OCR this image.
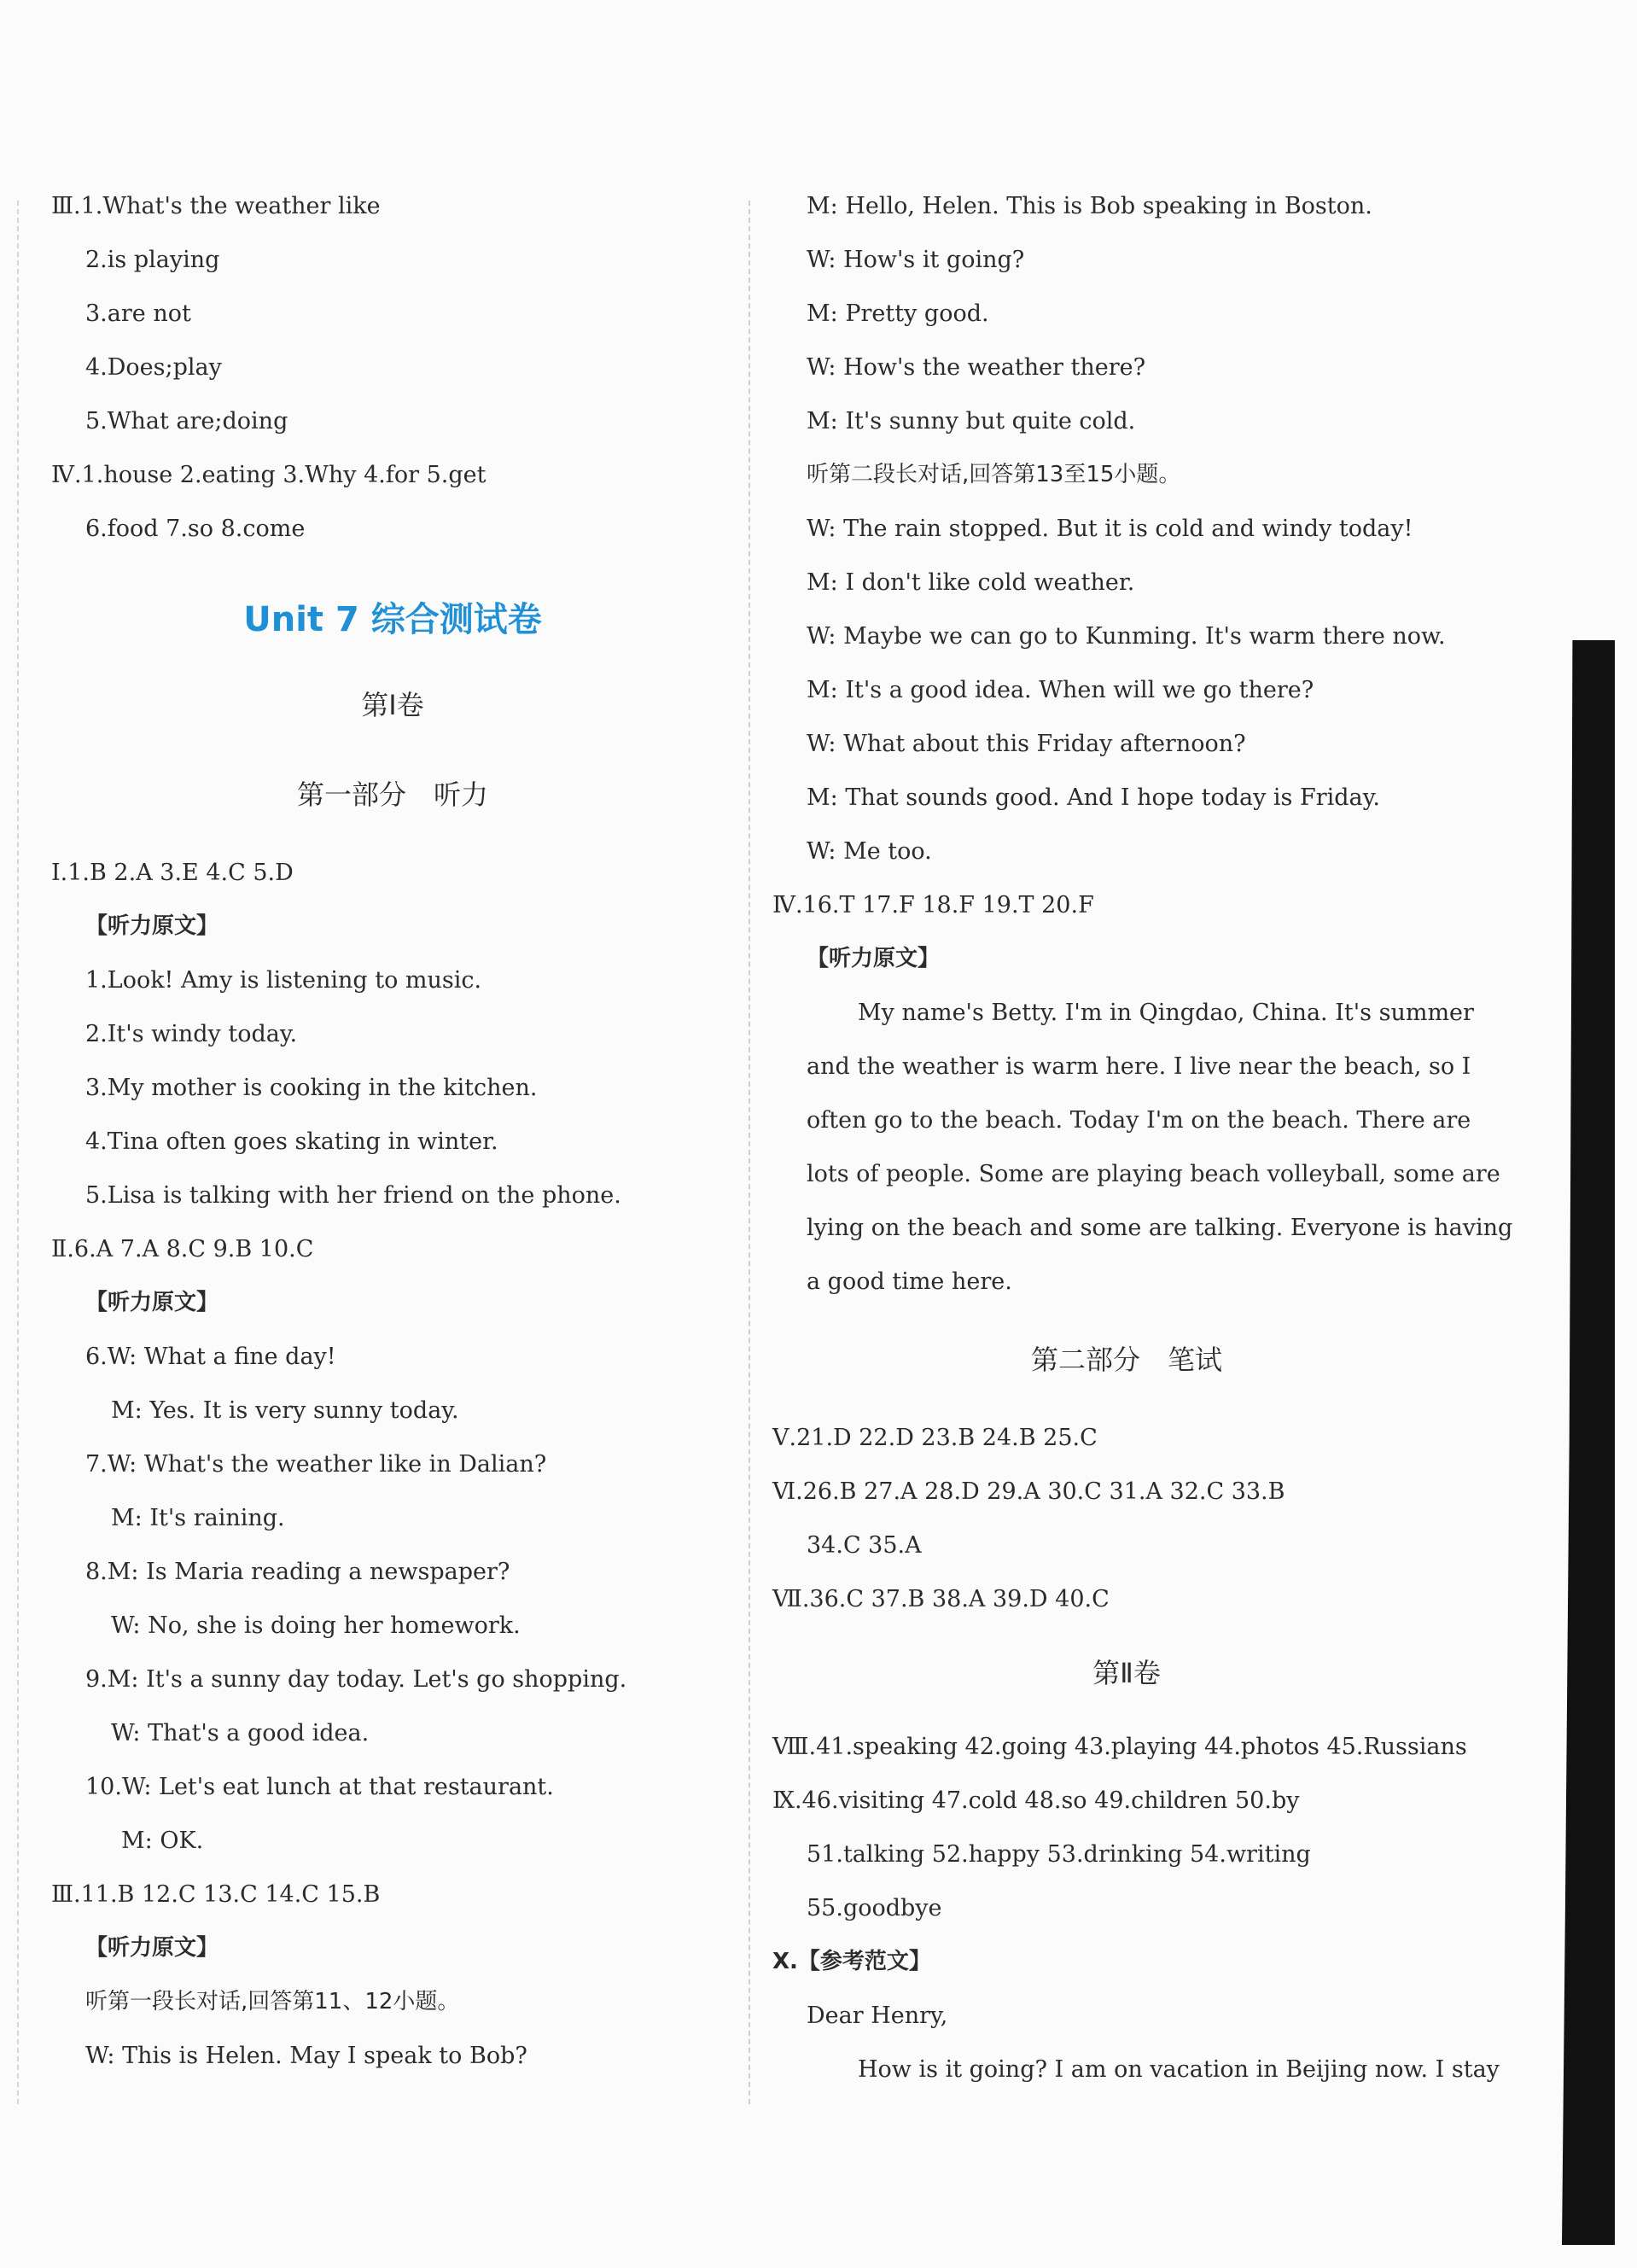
Ⅲ.1.What's the weather like
2.is playing
3.are not
4.Does;play
5.What are;doing
Ⅳ.1.house 2.eating 3.Why 4.for 5.get
6.food 7.so 8.come
Unit 7 综合测试卷
第Ⅰ卷
第一部分　听力
Ⅰ.1.B 2.A 3.E 4.C 5.D
【听力原文】
1.Look! Amy is listening to music.
2.It's windy today.
3.My mother is cooking in the kitchen.
4.Tina often goes skating in winter.
5.Lisa is talking with her friend on the phone.
Ⅱ.6.A 7.A 8.C 9.B 10.C
【听力原文】
6.W: What a fine day!
M: Yes. It is very sunny today.
7.W: What's the weather like in Dalian?
M: It's raining.
8.M: Is Maria reading a newspaper?
W: No, she is doing her homework.
9.M: It's a sunny day today. Let's go shopping.
W: That's a good idea.
10.W: Let's eat lunch at that restaurant.
M: OK.
Ⅲ.11.B 12.C 13.C 14.C 15.B
【听力原文】
听第一段长对话,回答第11、12小题。
W: This is Helen. May I speak to Bob?
M: Hello, Helen. This is Bob speaking in Boston.
W: How's it going?
M: Pretty good.
W: How's the weather there?
M: It's sunny but quite cold.
听第二段长对话,回答第13至15小题。
W: The rain stopped. But it is cold and windy today!
M: I don't like cold weather.
W: Maybe we can go to Kunming. It's warm there now.
M: It's a good idea. When will we go there?
W: What about this Friday afternoon?
M: That sounds good. And I hope today is Friday.
W: Me too.
Ⅳ.16.T 17.F 18.F 19.T 20.F
【听力原文】
My name's Betty. I'm in Qingdao, China. It's summer
and the weather is warm here. I live near the beach, so I
often go to the beach. Today I'm on the beach. There are
lots of people. Some are playing beach volleyball, some are
lying on the beach and some are talking. Everyone is having
a good time here.
第二部分　笔试
Ⅴ.21.D 22.D 23.B 24.B 25.C
Ⅵ.26.B 27.A 28.D 29.A 30.C 31.A 32.C 33.B
34.C 35.A
Ⅶ.36.C 37.B 38.A 39.D 40.C
第Ⅱ卷
Ⅷ.41.speaking 42.going 43.playing 44.photos 45.Russians
Ⅸ.46.visiting 47.cold 48.so 49.children 50.by
51.talking 52.happy 53.drinking 54.writing
55.goodbye
Ⅹ.【参考范文】
Dear Henry,
How is it going? I am on vacation in Beijing now. I stay
